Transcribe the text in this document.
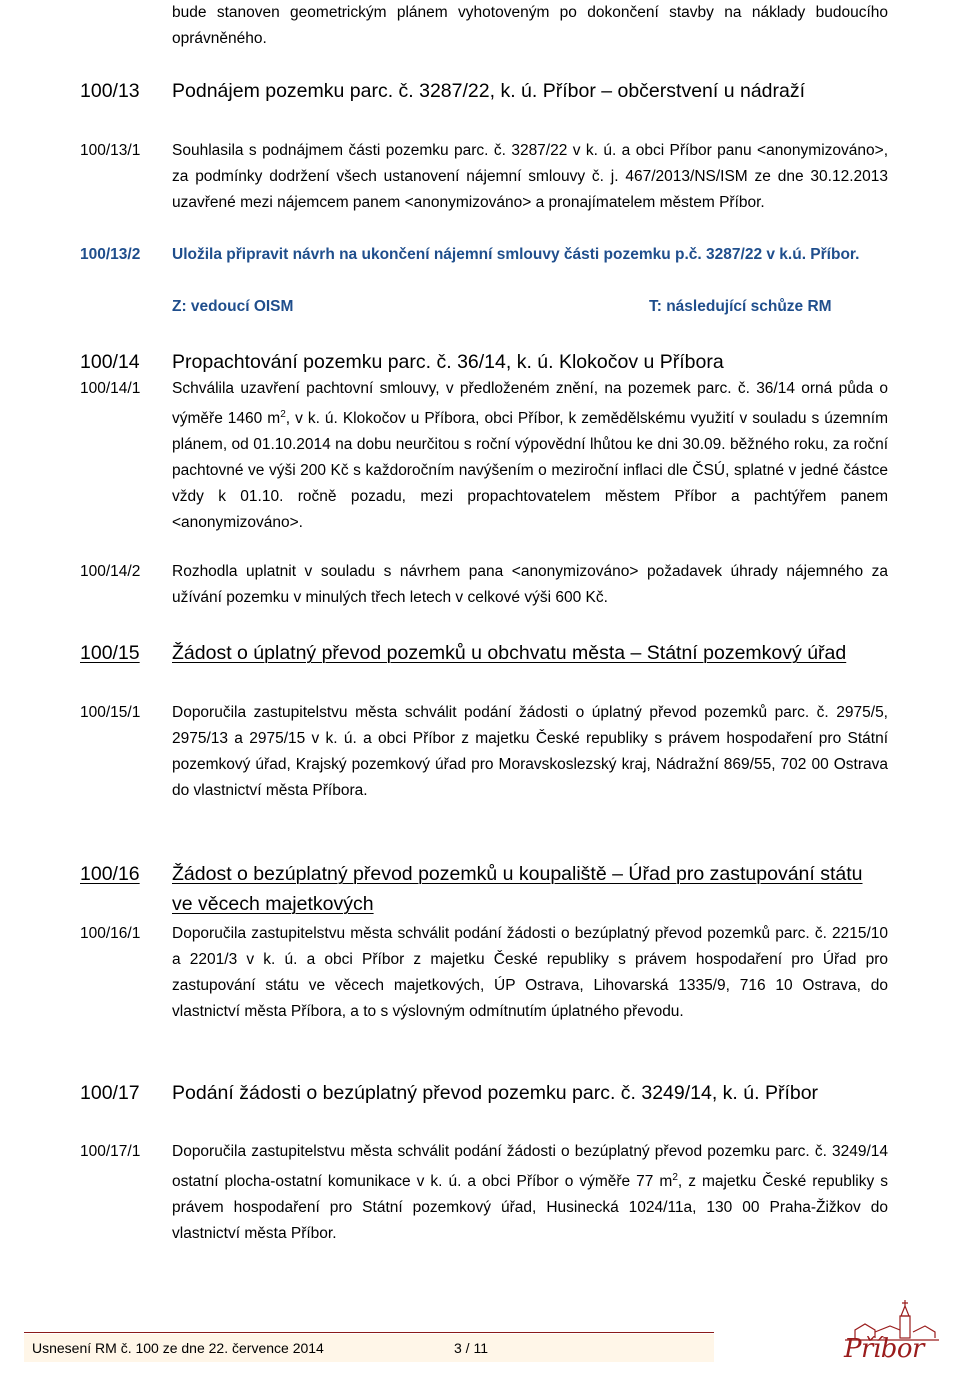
bude stanoven geometrickým plánem vyhotoveným po dokončení stavby na náklady budoucího oprávněného.
100/13 Podnájem pozemku parc. č. 3287/22, k. ú. Příbor – občerstvení u nádraží
100/13/1 Souhlasila s podnájmem části pozemku parc. č. 3287/22 v k. ú. a obci Příbor panu <anonymizováno>, za podmínky dodržení všech ustanovení nájemní smlouvy č. j. 467/2013/NS/ISM ze dne 30.12.2013 uzavřené mezi nájemcem panem <anonymizováno> a pronajímatelem městem Příbor.
100/13/2 Uložila připravit návrh na ukončení nájemní smlouvy části pozemku p.č. 3287/22 v k.ú. Příbor.
Z: vedoucí OISM	T: následující schůze RM
100/14 Propachtování pozemku parc. č. 36/14, k. ú. Klokočov u Příbora
100/14/1 Schválila uzavření pachtovní smlouvy, v předloženém znění, na pozemek parc. č. 36/14 orná půda o výměře 1460 $m^2$, v k. ú. Klokočov u Příbora, obci Příbor, k zemědělskému využití v souladu s územním plánem, od 01.10.2014 na dobu neurčitou s roční výpovědní lhůtou ke dni 30.09. běžného roku, za roční pachtovné ve výši 200 Kč s každoročním navýšením o meziroční inflaci dle ČSÚ, splatné v jedné částce vždy k 01.10. ročně pozadu, mezi propachtovatelem městem Příbor a pachtýřem panem <anonymizováno>.
100/14/2 Rozhodla uplatnit v souladu s návrhem pana <anonymizováno> požadavek úhrady nájemného za užívání pozemku v minulých třech letech v celkové výši 600 Kč.
100/15 Žádost o úplatný převod pozemků u obchvatu města – Státní pozemkový úřad
100/15/1 Doporučila zastupitelstvu města schválit podání žádosti o úplatný převod pozemků parc. č. 2975/5, 2975/13 a 2975/15 v k. ú. a obci Příbor z majetku České republiky s právem hospodaření pro Státní pozemkový úřad, Krajský pozemkový úřad pro Moravskoslezský kraj, Nádražní 869/55, 702 00 Ostrava do vlastnictví města Příbora.
100/16 Žádost o bezúplatný převod pozemků u koupaliště – Úřad pro zastupování státu ve věcech majetkových
100/16/1 Doporučila zastupitelstvu města schválit podání žádosti o bezúplatný převod pozemků parc. č. 2215/10 a 2201/3 v k. ú. a obci Příbor z majetku České republiky s právem hospodaření pro Úřad pro zastupování státu ve věcech majetkových, ÚP Ostrava, Lihovarská 1335/9, 716 10 Ostrava, do vlastnictví města Příbora, a to s výslovným odmítnutím úplatného převodu.
100/17 Podání žádosti o bezúplatný převod pozemku parc. č. 3249/14, k. ú. Příbor
100/17/1 Doporučila zastupitelstvu města schválit podání žádosti o bezúplatný převod pozemku parc. č. 3249/14 ostatní plocha-ostatní komunikace v k. ú. a obci Příbor o výměře 77 $m^2$, z majetku České republiky s právem hospodaření pro Státní pozemkový úřad, Husinecká 1024/11a, 130 00 Praha-Žižkov do vlastnictví města Příbor.
Usnesení RM č. 100 ze dne 22. července 2014	3 / 11	Příbor
